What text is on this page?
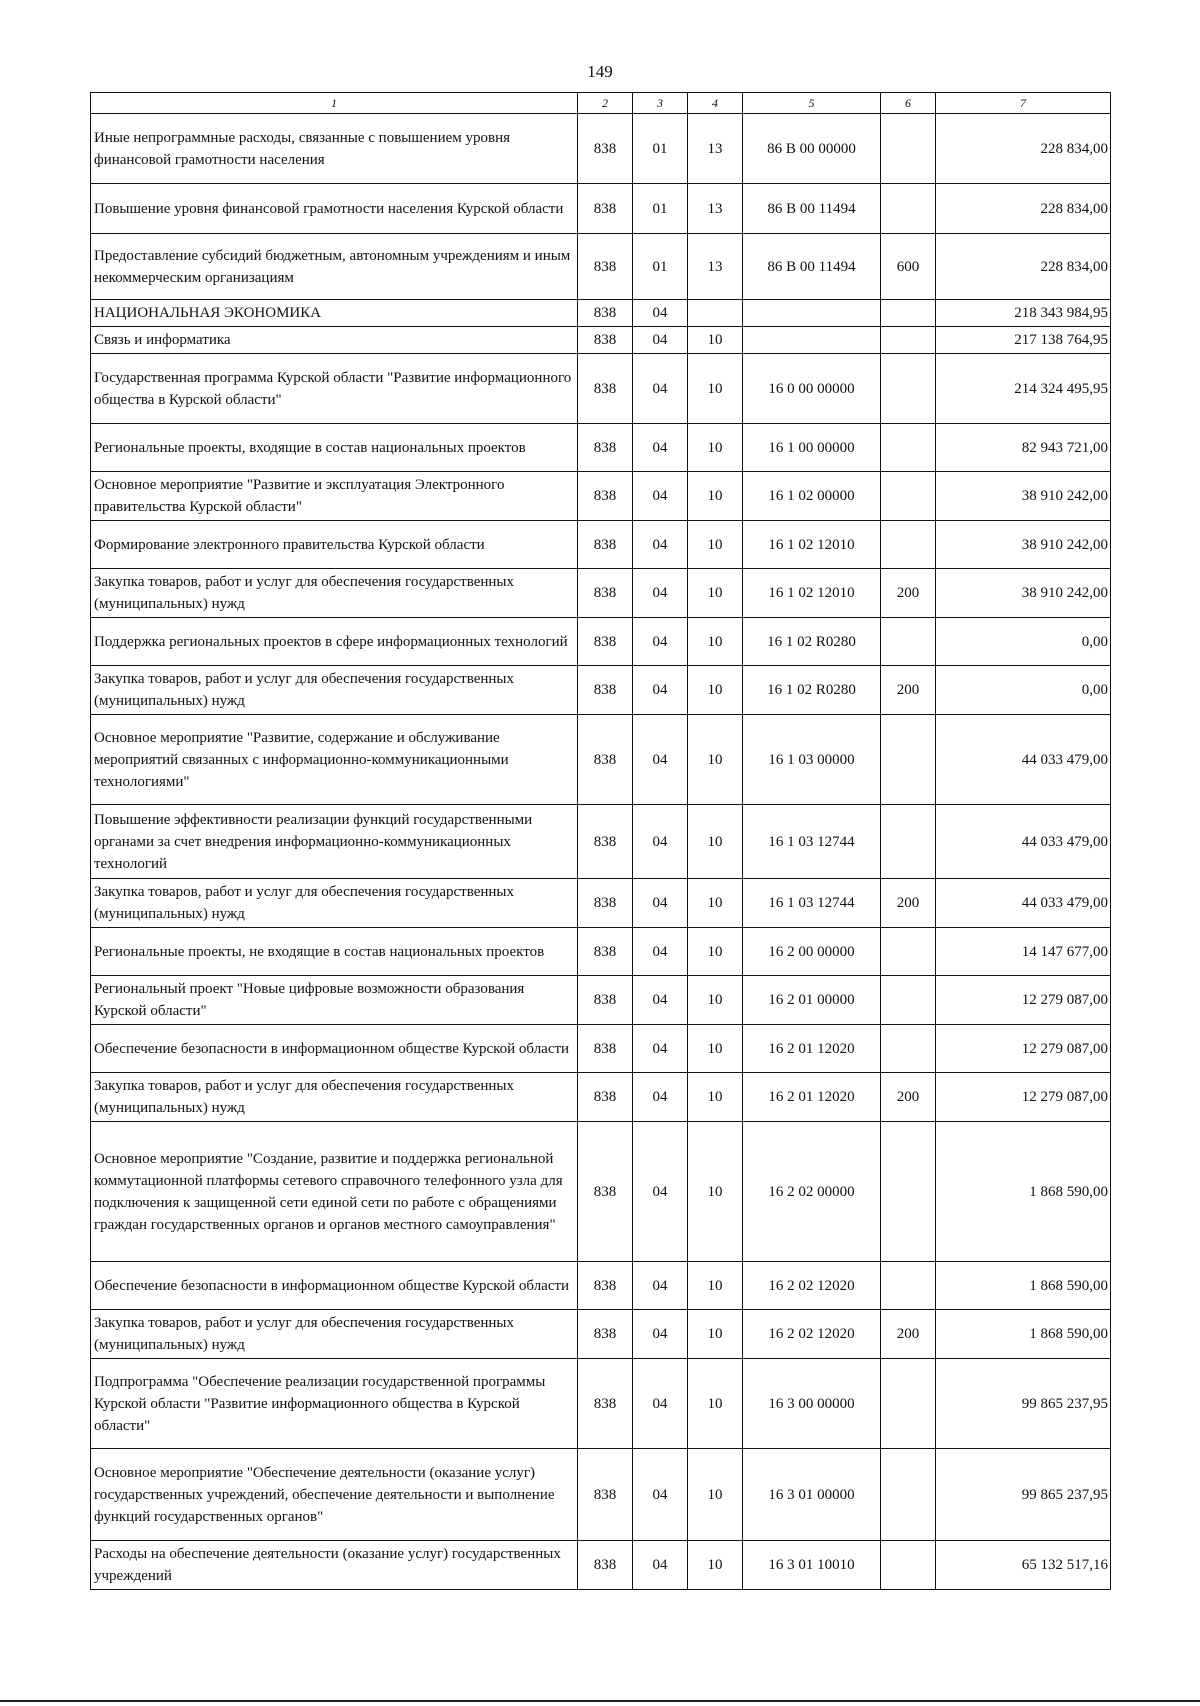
149
1	2	3	4	5	6	7
Иные непрограммные расходы, связанные с повышением уровня финансовой грамотности населения	838	01	13	86 В 00 00000		228 834,00
Повышение уровня финансовой грамотности населения Курской области	838	01	13	86 В 00 11494		228 834,00
Предоставление субсидий бюджетным, автономным учреждениям и иным некоммерческим организациям	838	01	13	86 В 00 11494	600	228 834,00
НАЦИОНАЛЬНАЯ ЭКОНОМИКА	838	04				218 343 984,95
Связь и информатика	838	04	10			217 138 764,95
Государственная программа Курской области "Развитие информационного общества в Курской области"	838	04	10	16 0 00 00000		214 324 495,95
Региональные проекты, входящие в состав национальных проектов	838	04	10	16 1 00 00000		82 943 721,00
Основное мероприятие "Развитие и эксплуатация Электронного правительства Курской области"	838	04	10	16 1 02 00000		38 910 242,00
Формирование электронного правительства Курской области	838	04	10	16 1 02 12010		38 910 242,00
Закупка товаров, работ и услуг для обеспечения государственных (муниципальных) нужд	838	04	10	16 1 02 12010	200	38 910 242,00
Поддержка региональных проектов в сфере информационных технологий	838	04	10	16 1 02 R0280		0,00
Закупка товаров, работ и услуг для обеспечения государственных (муниципальных) нужд	838	04	10	16 1 02 R0280	200	0,00
Основное мероприятие "Развитие, содержание и обслуживание мероприятий связанных с информационно-коммуникационными технологиями"	838	04	10	16 1 03 00000		44 033 479,00
Повышение эффективности реализации функций государственными органами за счет внедрения информационно-коммуникационных технологий	838	04	10	16 1 03 12744		44 033 479,00
Закупка товаров, работ и услуг для обеспечения государственных (муниципальных) нужд	838	04	10	16 1 03 12744	200	44 033 479,00
Региональные проекты, не входящие в состав национальных проектов	838	04	10	16 2 00 00000		14 147 677,00
Региональный проект "Новые цифровые возможности образования Курской области"	838	04	10	16 2 01 00000		12 279 087,00
Обеспечение безопасности в информационном обществе Курской области	838	04	10	16 2 01 12020		12 279 087,00
Закупка товаров, работ и услуг для обеспечения государственных (муниципальных) нужд	838	04	10	16 2 01 12020	200	12 279 087,00
Основное мероприятие "Создание, развитие и поддержка региональной коммутационной платформы сетевого справочного телефонного узла для подключения к защищенной сети единой сети по работе с обращениями граждан государственных органов и органов местного самоуправления"	838	04	10	16 2 02 00000		1 868 590,00
Обеспечение безопасности в информационном обществе Курской области	838	04	10	16 2 02 12020		1 868 590,00
Закупка товаров, работ и услуг для обеспечения государственных (муниципальных) нужд	838	04	10	16 2 02 12020	200	1 868 590,00
Подпрограмма "Обеспечение реализации государственной программы Курской области "Развитие информационного общества в Курской области"	838	04	10	16 3 00 00000		99 865 237,95
Основное мероприятие "Обеспечение деятельности (оказание услуг) государственных учреждений, обеспечение деятельности и выполнение функций государственных органов"	838	04	10	16 3 01 00000		99 865 237,95
Расходы на обеспечение деятельности (оказание услуг) государственных учреждений	838	04	10	16 3 01 10010		65 132 517,16
